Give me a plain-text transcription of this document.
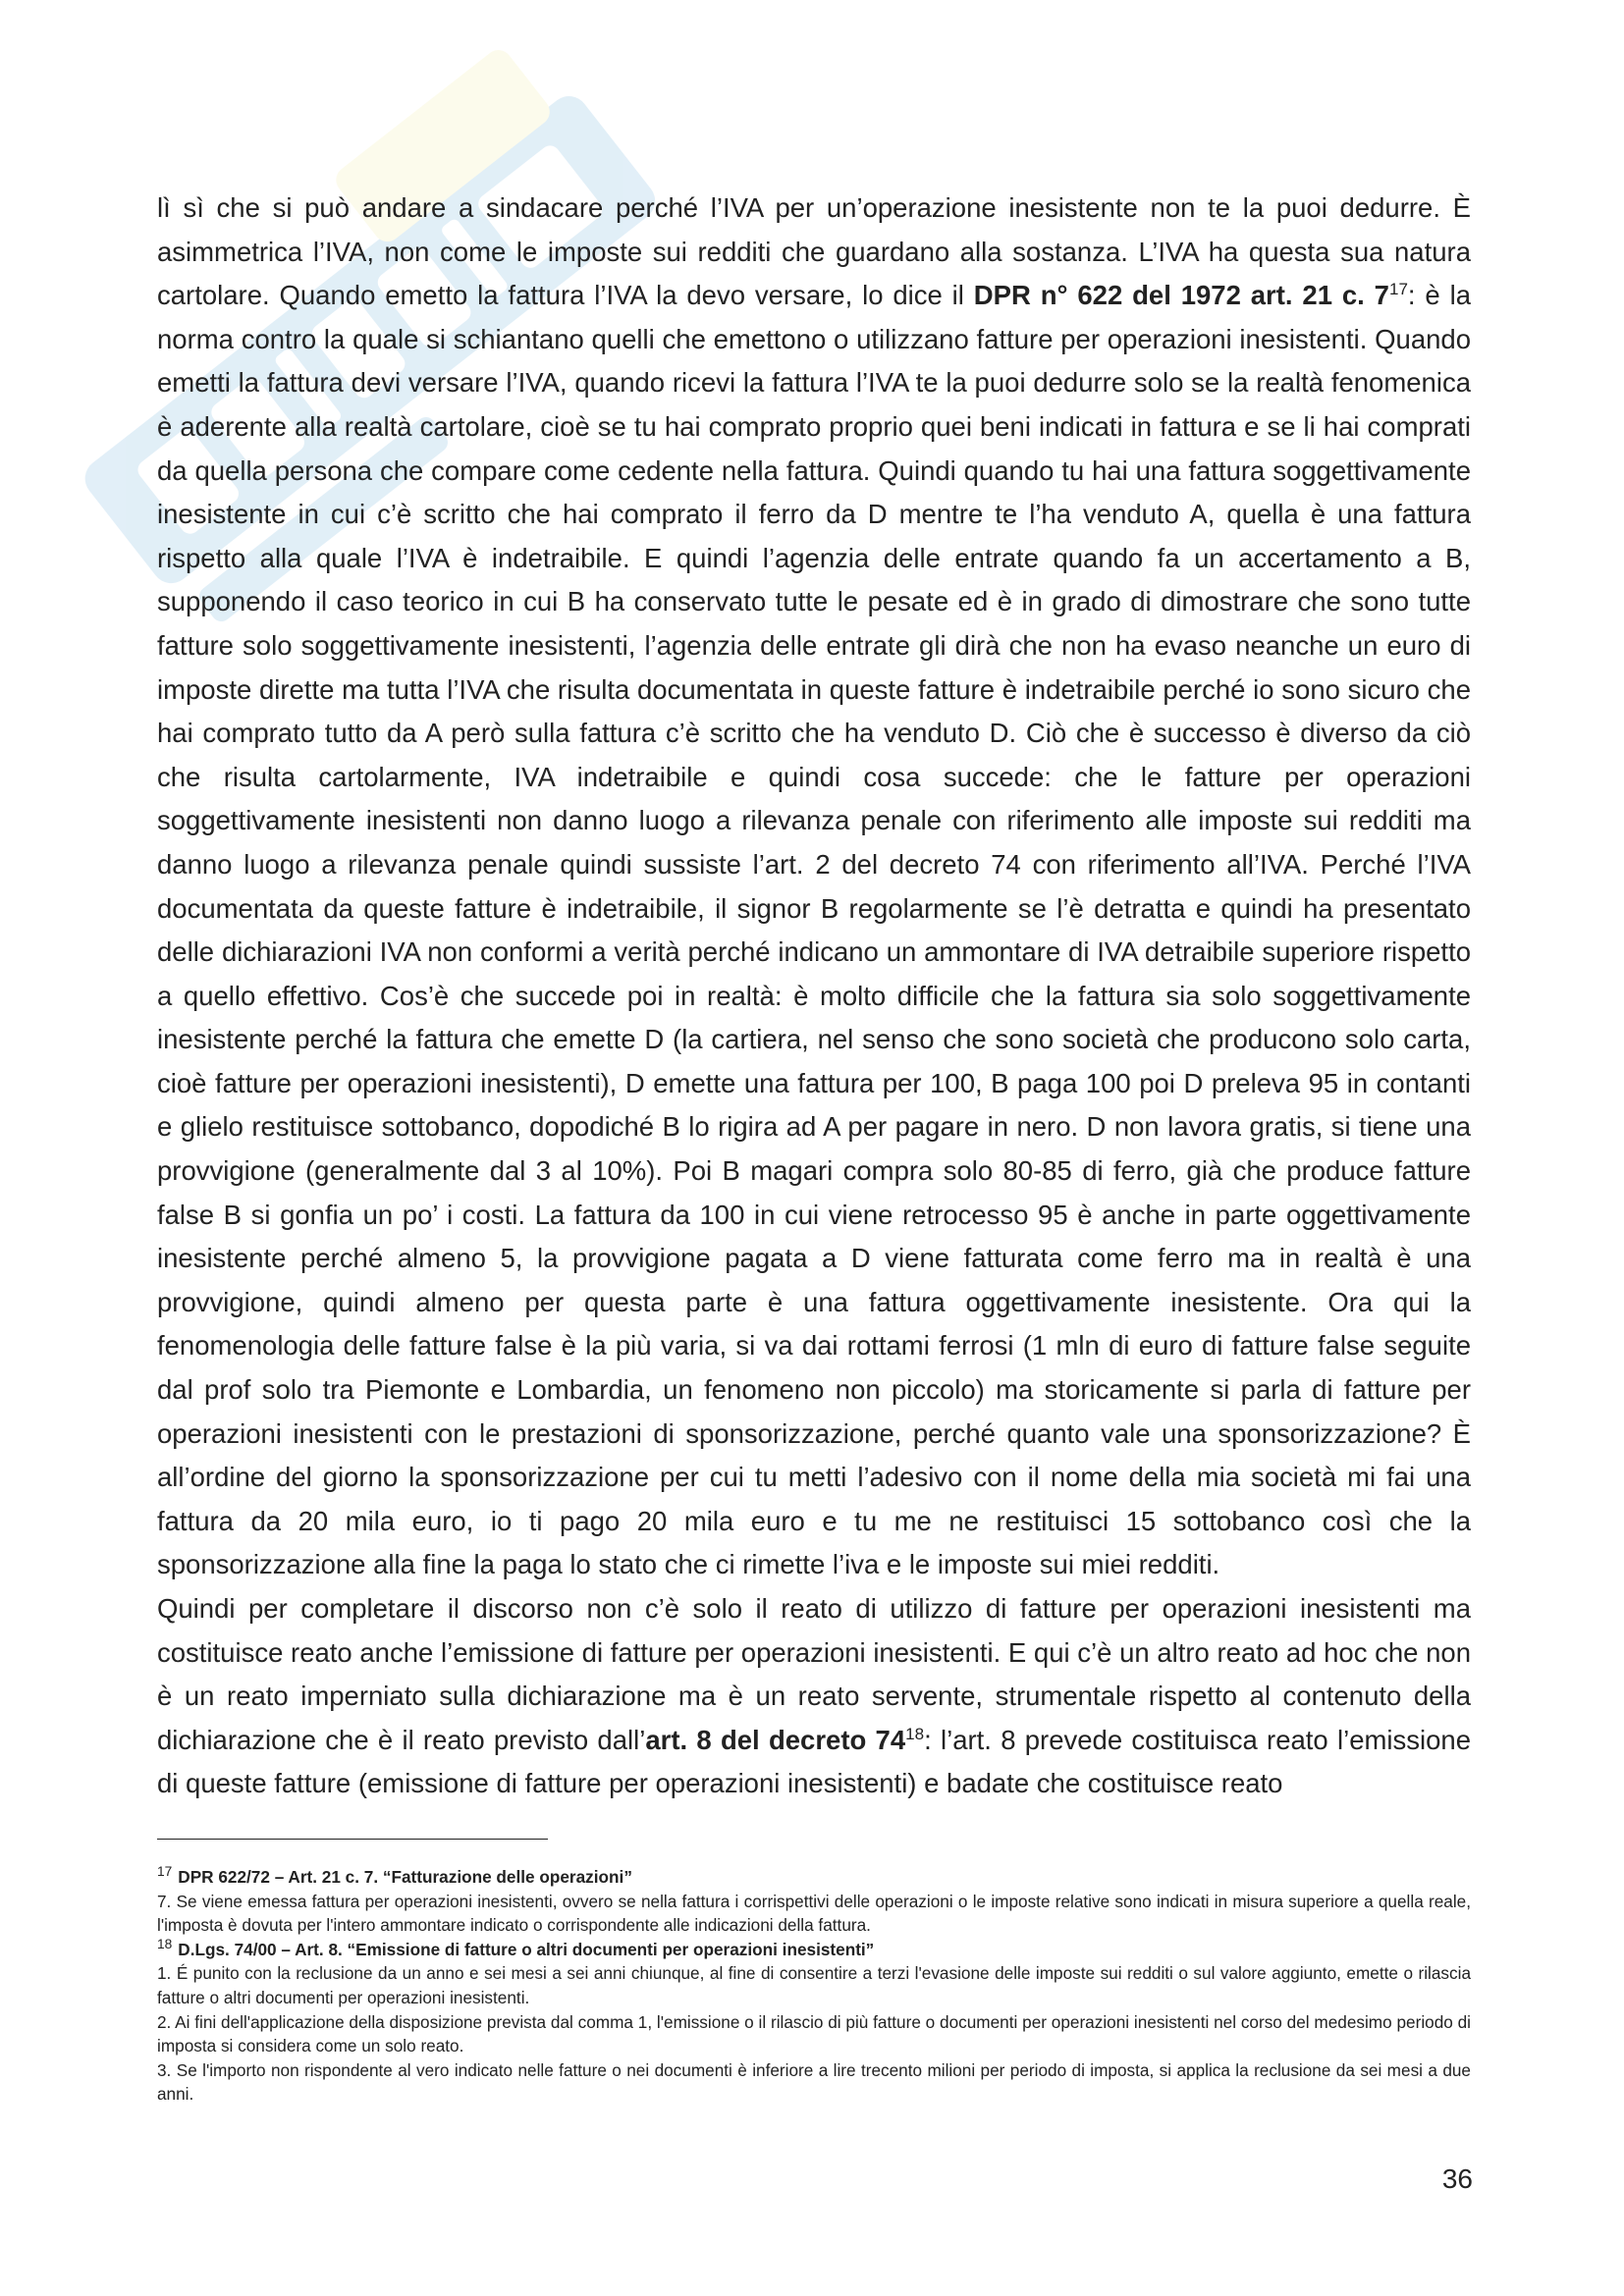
lì sì che si può andare a sindacare perché l’IVA per un’operazione inesistente non te la puoi dedurre. È asimmetrica l’IVA, non come le imposte sui redditi che guardano alla sostanza. L’IVA ha questa sua natura cartolare. Quando emetto la fattura l’IVA la devo versare, lo dice il DPR n° 622 del 1972 art. 21 c. $7^{17}$: è la norma contro la quale si schiantano quelli che emettono o utilizzano fatture per operazioni inesistenti. Quando emetti la fattura devi versare l’IVA, quando ricevi la fattura l’IVA te la puoi dedurre solo se la realtà fenomenica è aderente alla realtà cartolare, cioè se tu hai comprato proprio quei beni indicati in fattura e se li hai comprati da quella persona che compare come cedente nella fattura. Quindi quando tu hai una fattura soggettivamente inesistente in cui c’è scritto che hai comprato il ferro da D mentre te l’ha venduto A, quella è una fattura rispetto alla quale l’IVA è indetraibile. E quindi l’agenzia delle entrate quando fa un accertamento a B, supponendo il caso teorico in cui B ha conservato tutte le pesate ed è in grado di dimostrare che sono tutte fatture solo soggettivamente inesistenti, l’agenzia delle entrate gli dirà che non ha evaso neanche un euro di imposte dirette ma tutta l’IVA che risulta documentata in queste fatture è indetraibile perché io sono sicuro che hai comprato tutto da A però sulla fattura c’è scritto che ha venduto D. Ciò che è successo è diverso da ciò che risulta cartolarmente, IVA indetraibile e quindi cosa succede: che le fatture per operazioni soggettivamente inesistenti non danno luogo a rilevanza penale con riferimento alle imposte sui redditi ma danno luogo a rilevanza penale quindi sussiste l’art. 2 del decreto 74 con riferimento all’IVA. Perché l’IVA documentata da queste fatture è indetraibile, il signor B regolarmente se l’è detratta e quindi ha presentato delle dichiarazioni IVA non conformi a verità perché indicano un ammontare di IVA detraibile superiore rispetto a quello effettivo. Cos’è che succede poi in realtà: è molto difficile che la fattura sia solo soggettivamente inesistente perché la fattura che emette D (la cartiera, nel senso che sono società che producono solo carta, cioè fatture per operazioni inesistenti), D emette una fattura per 100, B paga 100 poi D preleva 95 in contanti e glielo restituisce sottobanco, dopodiché B lo rigira ad A per pagare in nero. D non lavora gratis, si tiene una provvigione (generalmente dal 3 al 10%). Poi B magari compra solo 80-85 di ferro, già che produce fatture false B si gonfia un po’ i costi. La fattura da 100 in cui viene retrocesso 95 è anche in parte oggettivamente inesistente perché almeno 5, la provvigione pagata a D viene fatturata come ferro ma in realtà è una provvigione, quindi almeno per questa parte è una fattura oggettivamente inesistente. Ora qui la fenomenologia delle fatture false è la più varia, si va dai rottami ferrosi (1 mln di euro di fatture false seguite dal prof solo tra Piemonte e Lombardia, un fenomeno non piccolo) ma storicamente si parla di fatture per operazioni inesistenti con le prestazioni di sponsorizzazione, perché quanto vale una sponsorizzazione? È all’ordine del giorno la sponsorizzazione per cui tu metti l’adesivo con il nome della mia società mi fai una fattura da 20 mila euro, io ti pago 20 mila euro e tu me ne restituisci 15 sottobanco così che la sponsorizzazione alla fine la paga lo stato che ci rimette l’iva e le imposte sui miei redditi.

Quindi per completare il discorso non c’è solo il reato di utilizzo di fatture per operazioni inesistenti ma costituisce reato anche l’emissione di fatture per operazioni inesistenti. E qui c’è un altro reato ad hoc che non è un reato imperniato sulla dichiarazione ma è un reato servente, strumentale rispetto al contenuto della dichiarazione che è il reato previsto dall’art. 8 del decreto $74^{18}$: l’art. 8 prevede costituisca reato l’emissione di queste fatture (emissione di fatture per operazioni inesistenti) e badate che costituisce reato

$^{17}$ DPR 622/72 – Art. 21 c. 7. “Fatturazione delle operazioni”

7. Se viene emessa fattura per operazioni inesistenti, ovvero se nella fattura i corrispettivi delle operazioni o le imposte relative sono indicati in misura superiore a quella reale, l'imposta è dovuta per l'intero ammontare indicato o corrispondente alle indicazioni della fattura.

$^{18}$ D.Lgs. 74/00 – Art. 8. “Emissione di fatture o altri documenti per operazioni inesistenti”

1. É punito con la reclusione da un anno e sei mesi a sei anni chiunque, al fine di consentire a terzi l'evasione delle imposte sui redditi o sul valore aggiunto, emette o rilascia fatture o altri documenti per operazioni inesistenti.

2. Ai fini dell'applicazione della disposizione prevista dal comma 1, l'emissione o il rilascio di più fatture o documenti per operazioni inesistenti nel corso del medesimo periodo di imposta si considera come un solo reato.

3. Se l'importo non rispondente al vero indicato nelle fatture o nei documenti è inferiore a lire trecento milioni per periodo di imposta, si applica la reclusione da sei mesi a due anni.

36
